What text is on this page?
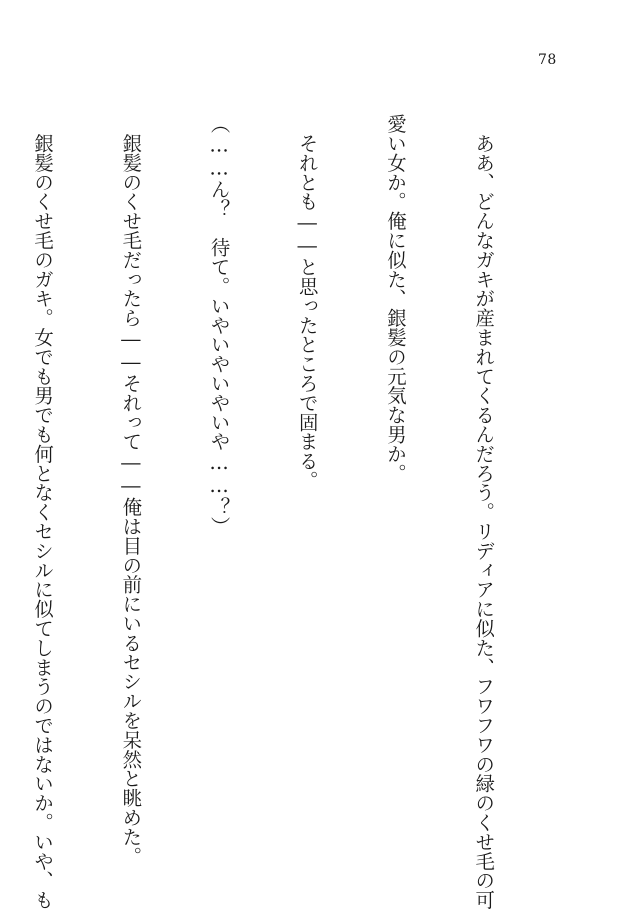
78

　ああ、どんなガキが産まれてくるんだろう。リディアに似た、フワフワの緑のくせ毛の可

愛い女か。俺に似た、銀髪の元気な男か。

　それとも――と思ったところで固まる。

（……ん？　待て。いやいやいやいや……？）

　銀髪のくせ毛だったら――それって――俺は目の前にいるセシルを呆然と眺めた。

　銀髪のくせ毛のガキ。女でも男でも何となくセシルに似てしまうのではないか。いや、も
